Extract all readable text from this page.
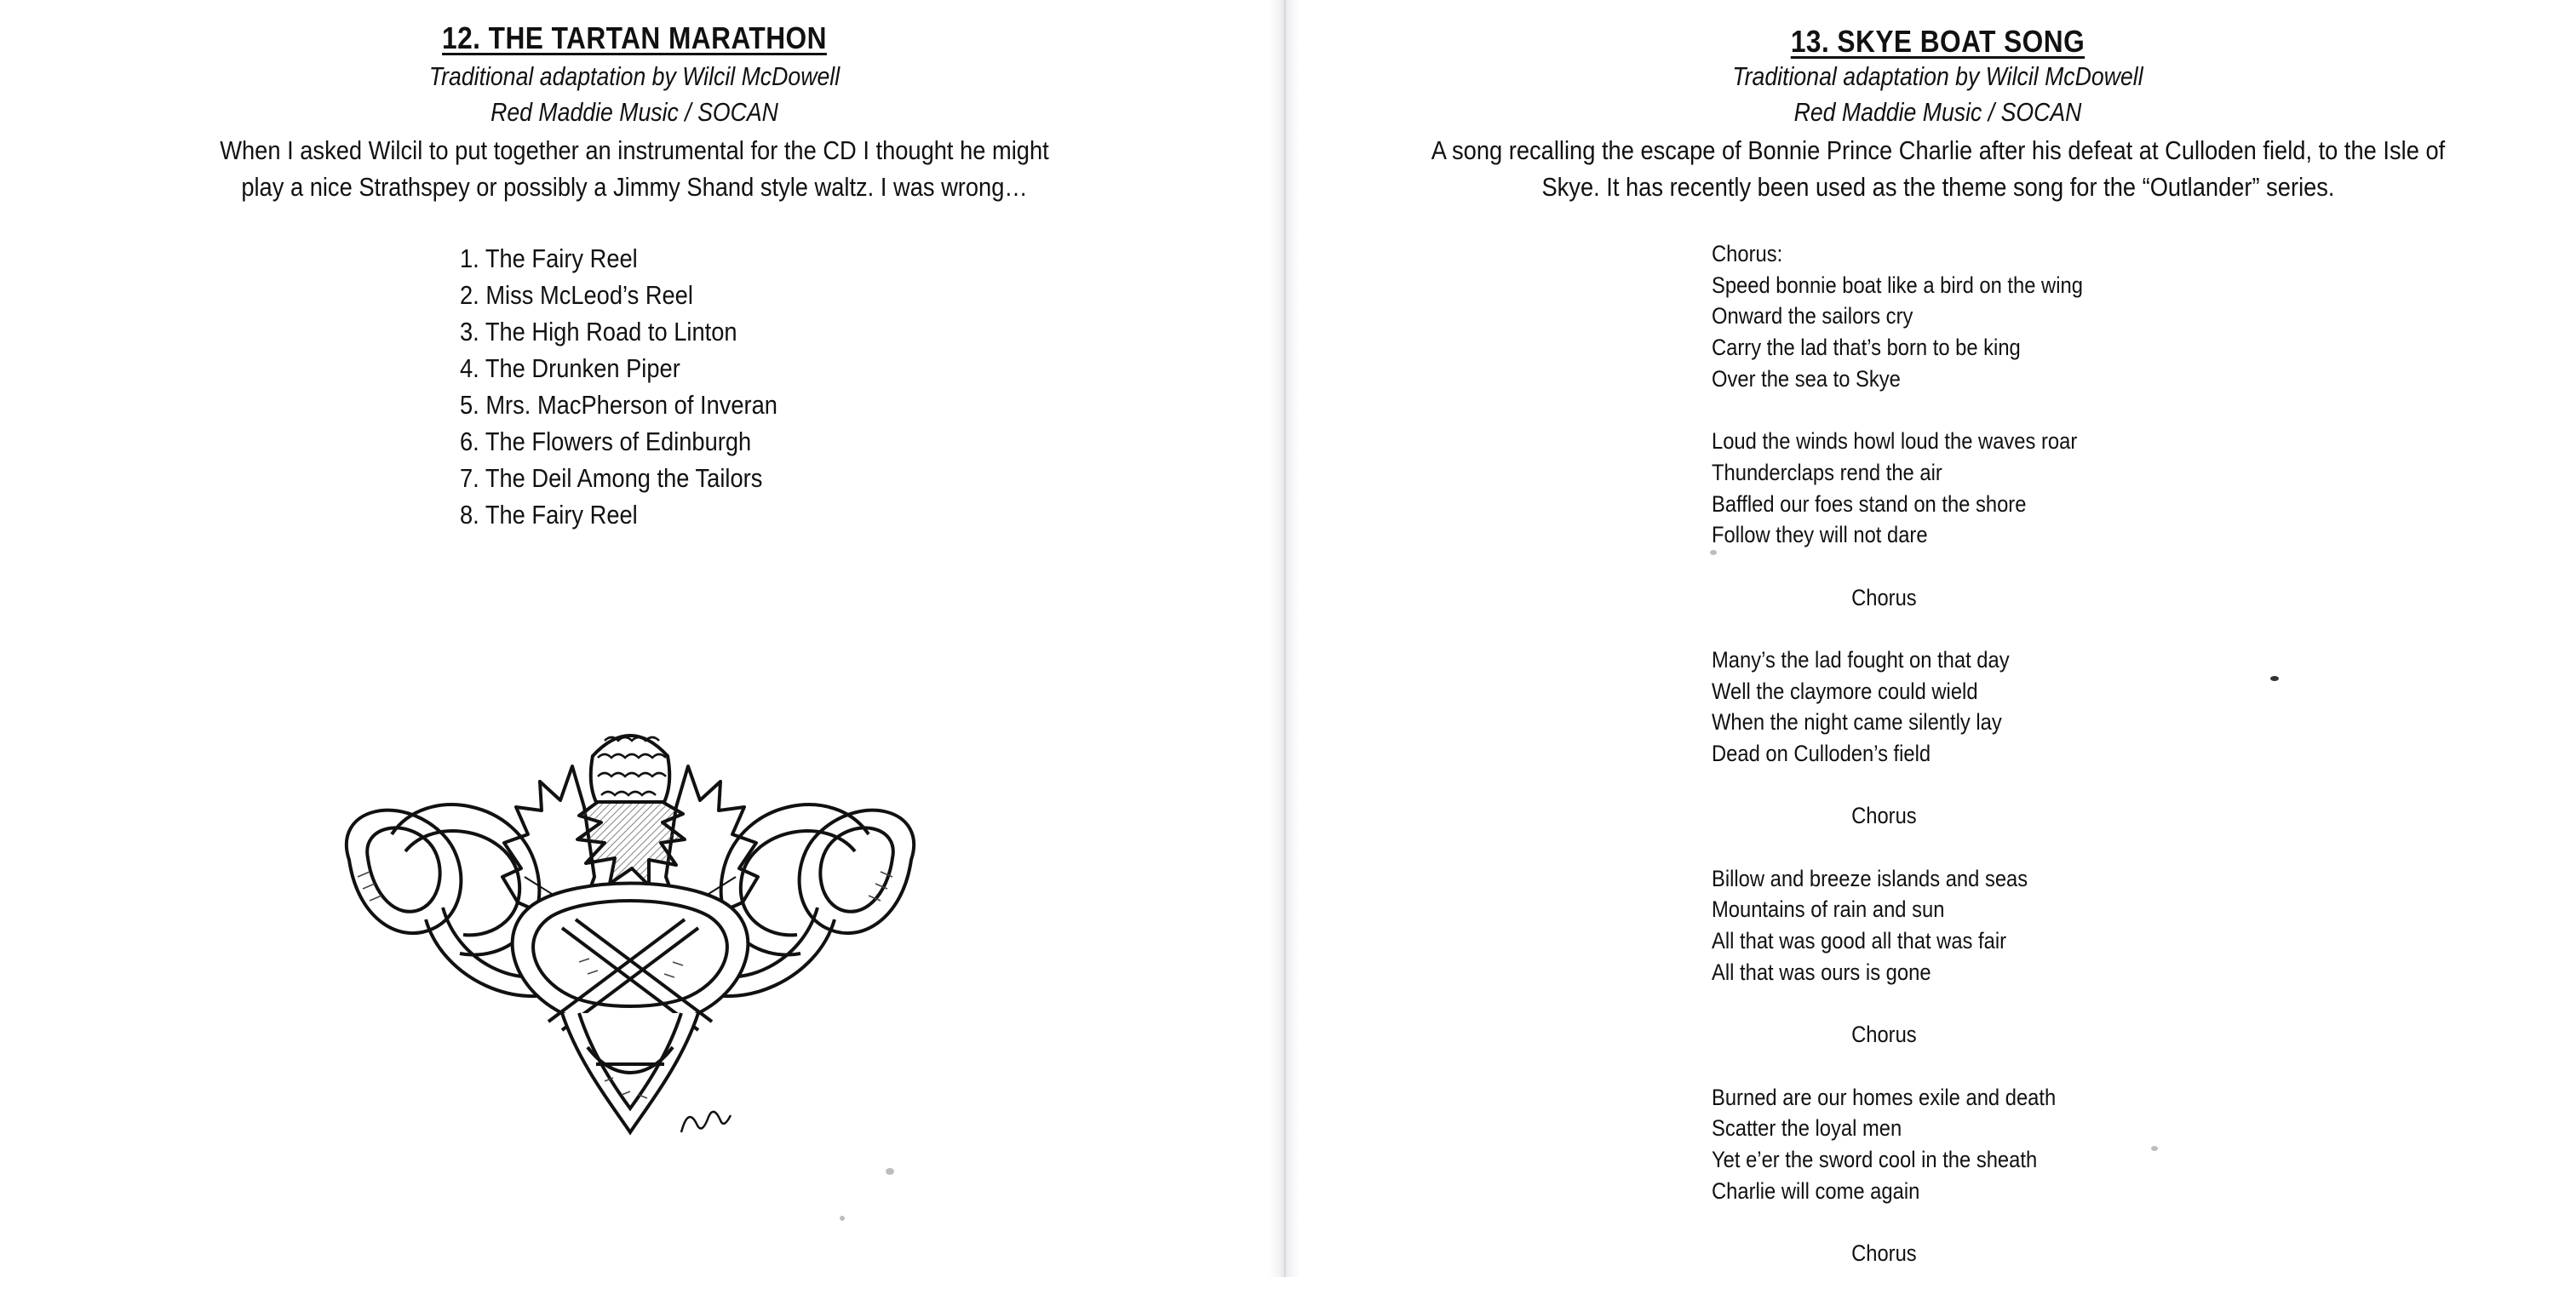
12. THE TARTAN MARATHON
Traditional adaptation by Wilcil McDowell
Red Maddie Music / SOCAN
When I asked Wilcil to put together an instrumental for the CD I thought he might
play a nice Strathspey or possibly a Jimmy Shand style waltz. I was wrong…
1. The Fairy Reel
2. Miss McLeod’s Reel
3. The High Road to Linton
4. The Drunken Piper
5. Mrs. MacPherson of Inveran
6. The Flowers of Edinburgh
7. The Deil Among the Tailors
8. The Fairy Reel
13. SKYE BOAT SONG
Traditional adaptation by Wilcil McDowell
Red Maddie Music / SOCAN
A song recalling the escape of Bonnie Prince Charlie after his defeat at Culloden field, to the Isle of
Skye. It has recently been used as the theme song for the “Outlander” series.
Chorus:
Speed bonnie boat like a bird on the wing
Onward the sailors cry
Carry the lad that’s born to be king
Over the sea to Skye
Loud the winds howl loud the waves roar
Thunderclaps rend the air
Baffled our foes stand on the shore
Follow they will not dare
Chorus
Many’s the lad fought on that day
Well the claymore could wield
When the night came silently lay
Dead on Culloden’s field
Chorus
Billow and breeze islands and seas
Mountains of rain and sun
All that was good all that was fair
All that was ours is gone
Chorus
Burned are our homes exile and death
Scatter the loyal men
Yet e’er the sword cool in the sheath
Charlie will come again
Chorus
